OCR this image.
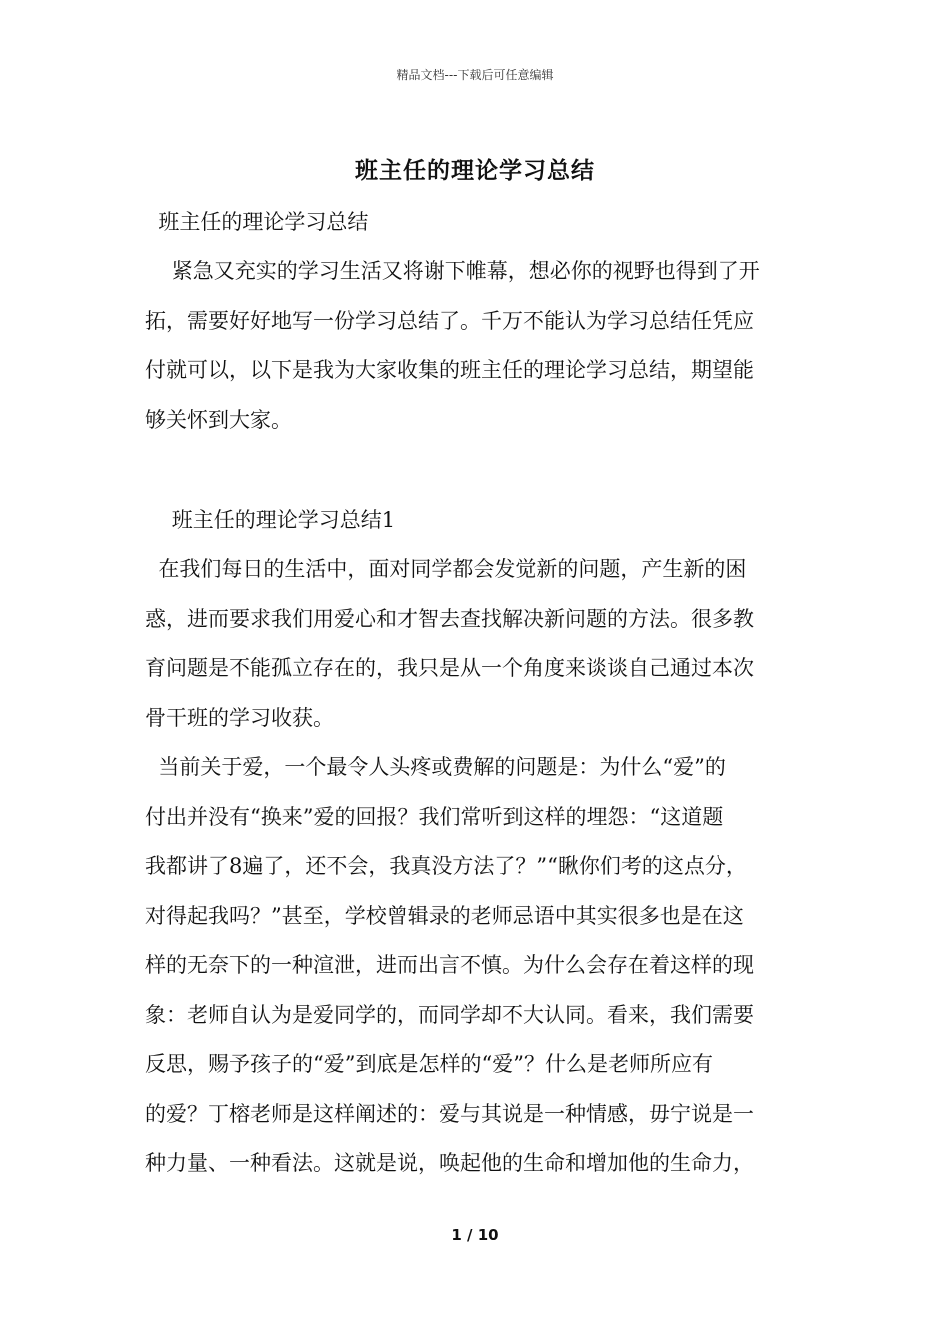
精品文档---下载后可任意编辑
班主任的理论学习总结
班主任的理论学习总结
紧急又充实的学习生活又将谢下帷幕，想必你的视野也得到了开
拓，需要好好地写一份学习总结了。千万不能认为学习总结任凭应
付就可以，以下是我为大家收集的班主任的理论学习总结，期望能
够关怀到大家。
班主任的理论学习总结1
在我们每日的生活中，面对同学都会发觉新的问题，产生新的困
惑，进而要求我们用爱心和才智去查找解决新问题的方法。很多教
育问题是不能孤立存在的，我只是从一个角度来谈谈自己通过本次
骨干班的学习收获。
当前关于爱，一个最令人头疼或费解的问题是：为什么“爱”的
付出并没有“换来”爱的回报？我们常听到这样的埋怨：“这道题
我都讲了8遍了，还不会，我真没方法了？”“瞅你们考的这点分，
对得起我吗？”甚至，学校曾辑录的老师忌语中其实很多也是在这
样的无奈下的一种渲泄，进而出言不慎。为什么会存在着这样的现
象：老师自认为是爱同学的，而同学却不大认同。看来，我们需要
反思，赐予孩子的“爱”到底是怎样的“爱”？什么是老师所应有
的爱？丁榕老师是这样阐述的：爱与其说是一种情感，毋宁说是一
种力量、一种看法。这就是说，唤起他的生命和增加他的生命力，
1 / 10
